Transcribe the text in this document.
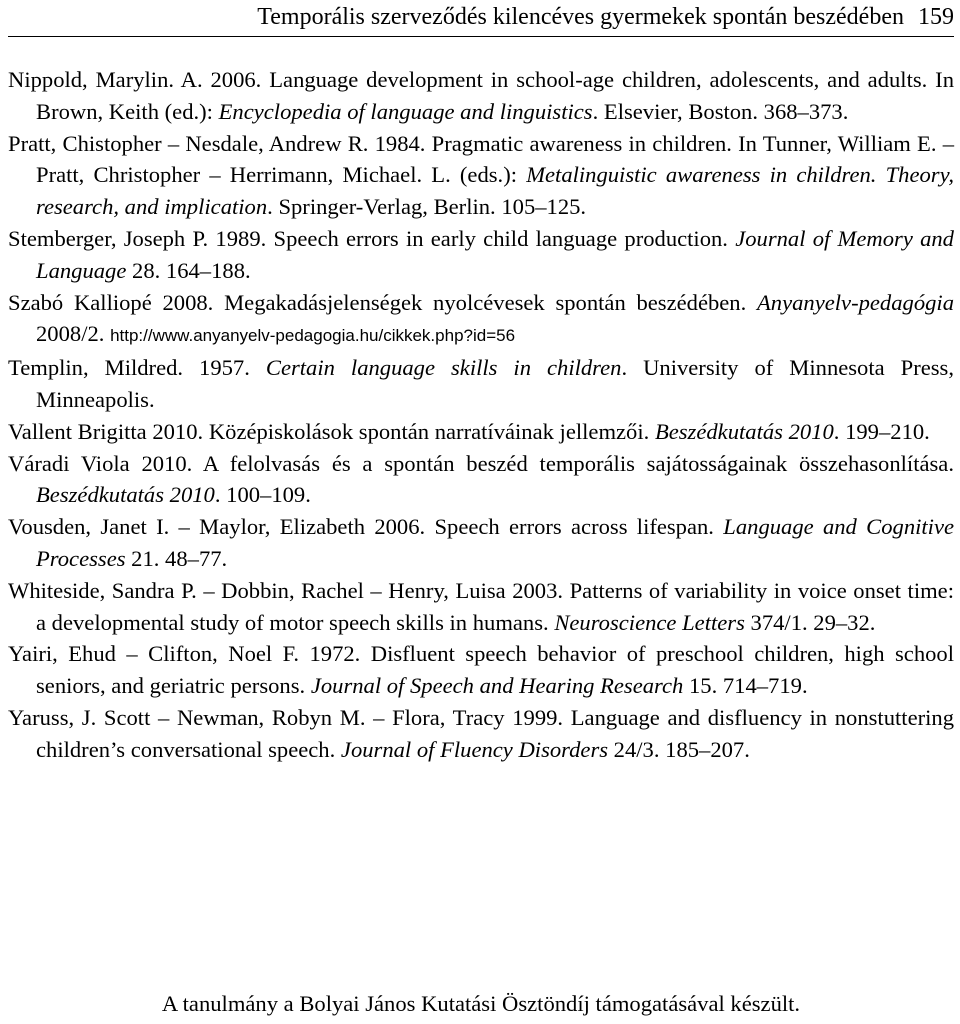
Temporális szerveződés kilencéves gyermekek spontán beszédében 159
Nippold, Marylin. A. 2006. Language development in school-age children, adolescents, and adults. In Brown, Keith (ed.): Encyclopedia of language and linguistics. Elsevier, Boston. 368–373.
Pratt, Chistopher – Nesdale, Andrew R. 1984. Pragmatic awareness in children. In Tunner, William E. – Pratt, Christopher – Herrimann, Michael. L. (eds.): Metalinguistic awareness in children. Theory, research, and implication. Springer-Verlag, Berlin. 105–125.
Stemberger, Joseph P. 1989. Speech errors in early child language production. Journal of Memory and Language 28. 164–188.
Szabó Kalliopé 2008. Megakadásjelenségek nyolcévesek spontán beszédében. Anyanyelv-pedagógia 2008/2. http://www.anyanyelv-pedagogia.hu/cikkek.php?id=56
Templin, Mildred. 1957. Certain language skills in children. University of Minnesota Press, Minneapolis.
Vallent Brigitta 2010. Középiskolások spontán narratíváinak jellemzői. Beszédkutatás 2010. 199–210.
Váradi Viola 2010. A felolvasás és a spontán beszéd temporális sajátosságainak összehasonlítása. Beszédkutatás 2010. 100–109.
Vousden, Janet I. – Maylor, Elizabeth 2006. Speech errors across lifespan. Language and Cognitive Processes 21. 48–77.
Whiteside, Sandra P. – Dobbin, Rachel – Henry, Luisa 2003. Patterns of variability in voice onset time: a developmental study of motor speech skills in humans. Neuroscience Letters 374/1. 29–32.
Yairi, Ehud – Clifton, Noel F. 1972. Disfluent speech behavior of preschool children, high school seniors, and geriatric persons. Journal of Speech and Hearing Research 15. 714–719.
Yaruss, J. Scott – Newman, Robyn M. – Flora, Tracy 1999. Language and disfluency in nonstuttering children’s conversational speech. Journal of Fluency Disorders 24/3. 185–207.
A tanulmány a Bolyai János Kutatási Ösztöndíj támogatásával készült.
